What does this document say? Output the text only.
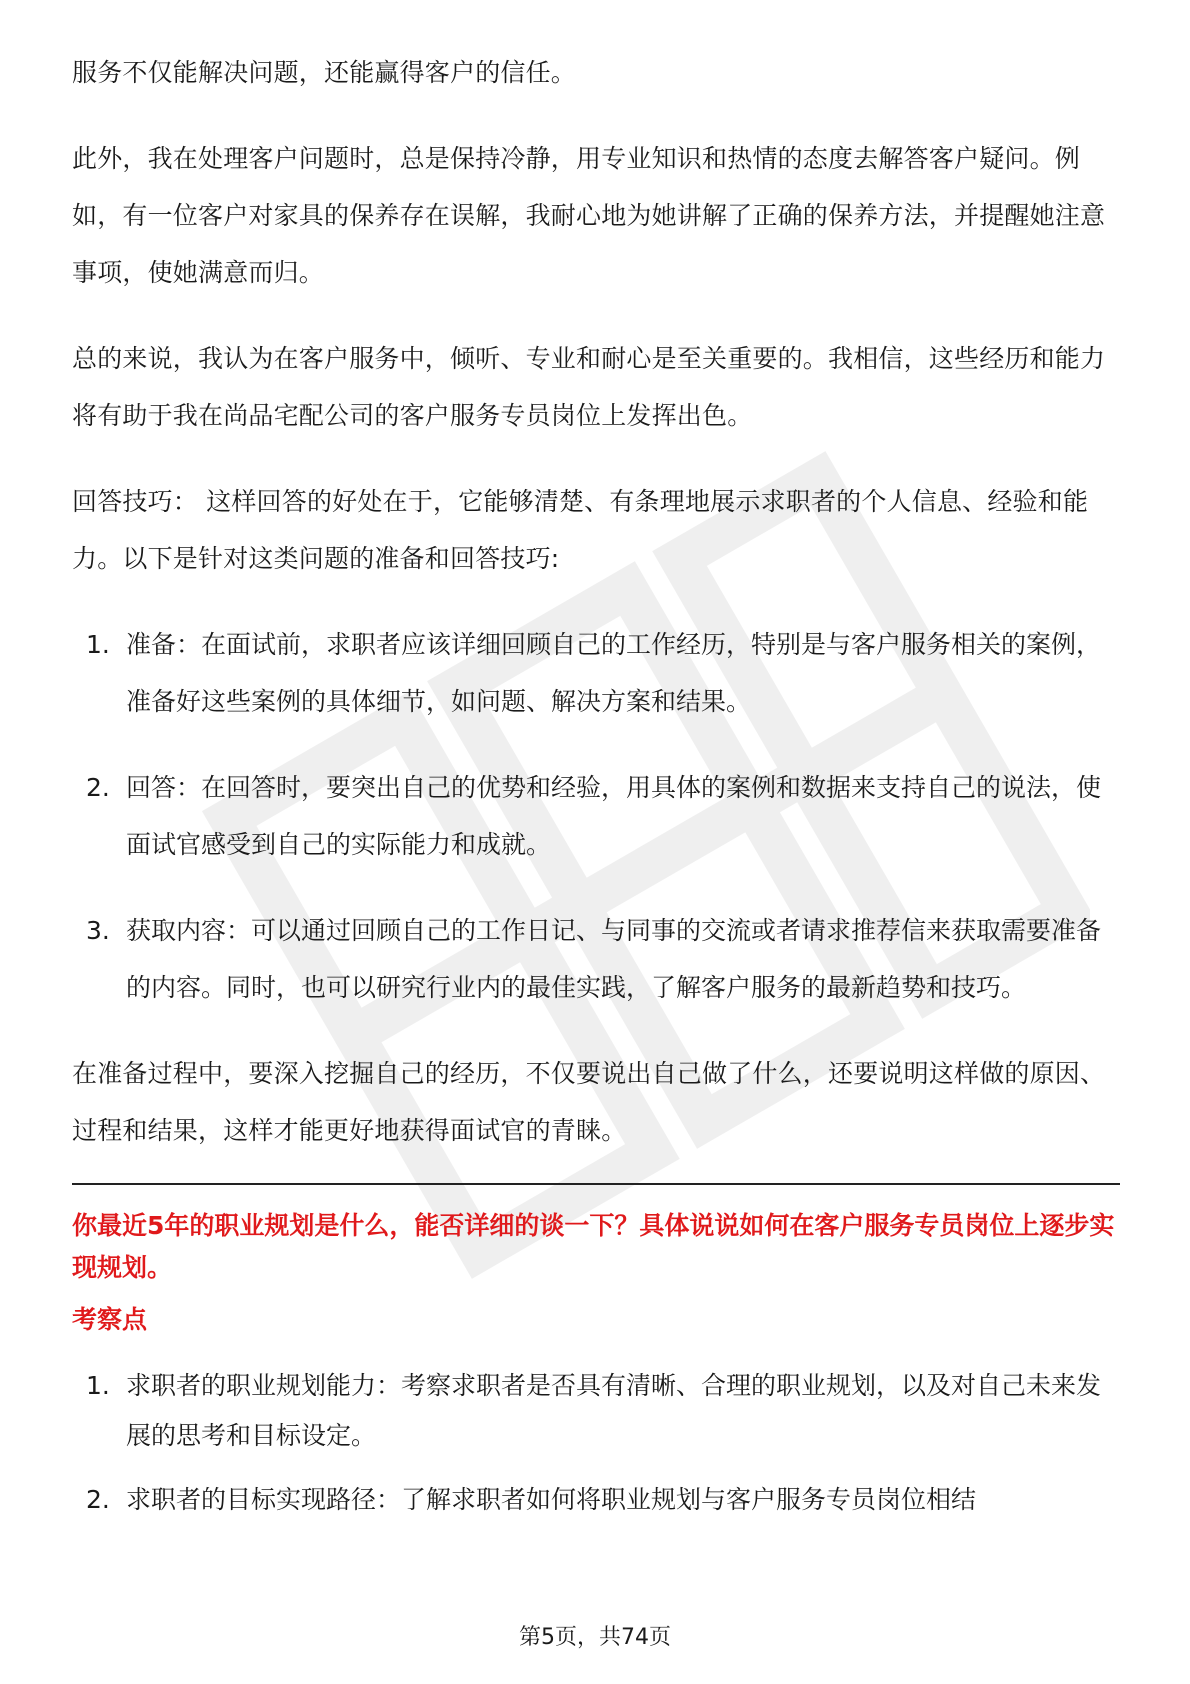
服务不仅能解决问题，还能赢得客户的信任。

此外，我在处理客户问题时，总是保持冷静，用专业知识和热情的态度去解答客户疑问。例如，有一位客户对家具的保养存在误解，我耐心地为她讲解了正确的保养方法，并提醒她注意事项，使她满意而归。

总的来说，我认为在客户服务中，倾听、专业和耐心是至关重要的。我相信，这些经历和能力将有助于我在尚品宅配公司的客户服务专员岗位上发挥出色。

回答技巧： 这样回答的好处在于，它能够清楚、有条理地展示求职者的个人信息、经验和能力。以下是针对这类问题的准备和回答技巧:

1. 准备：在面试前，求职者应该详细回顾自己的工作经历，特别是与客户服务相关的案例，准备好这些案例的具体细节，如问题、解决方案和结果。
2. 回答：在回答时，要突出自己的优势和经验，用具体的案例和数据来支持自己的说法，使面试官感受到自己的实际能力和成就。
3. 获取内容：可以通过回顾自己的工作日记、与同事的交流或者请求推荐信来获取需要准备的内容。同时，也可以研究行业内的最佳实践，了解客户服务的最新趋势和技巧。

在准备过程中，要深入挖掘自己的经历，不仅要说出自己做了什么，还要说明这样做的原因、过程和结果，这样才能更好地获得面试官的青睐。

你最近5年的职业规划是什么，能否详细的谈一下？具体说说如何在客户服务专员岗位上逐步实现规划。

考察点

1. 求职者的职业规划能力：考察求职者是否具有清晰、合理的职业规划，以及对自己未来发展的思考和目标设定。
2. 求职者的目标实现路径：了解求职者如何将职业规划与客户服务专员岗位相结
第5页，共74页
